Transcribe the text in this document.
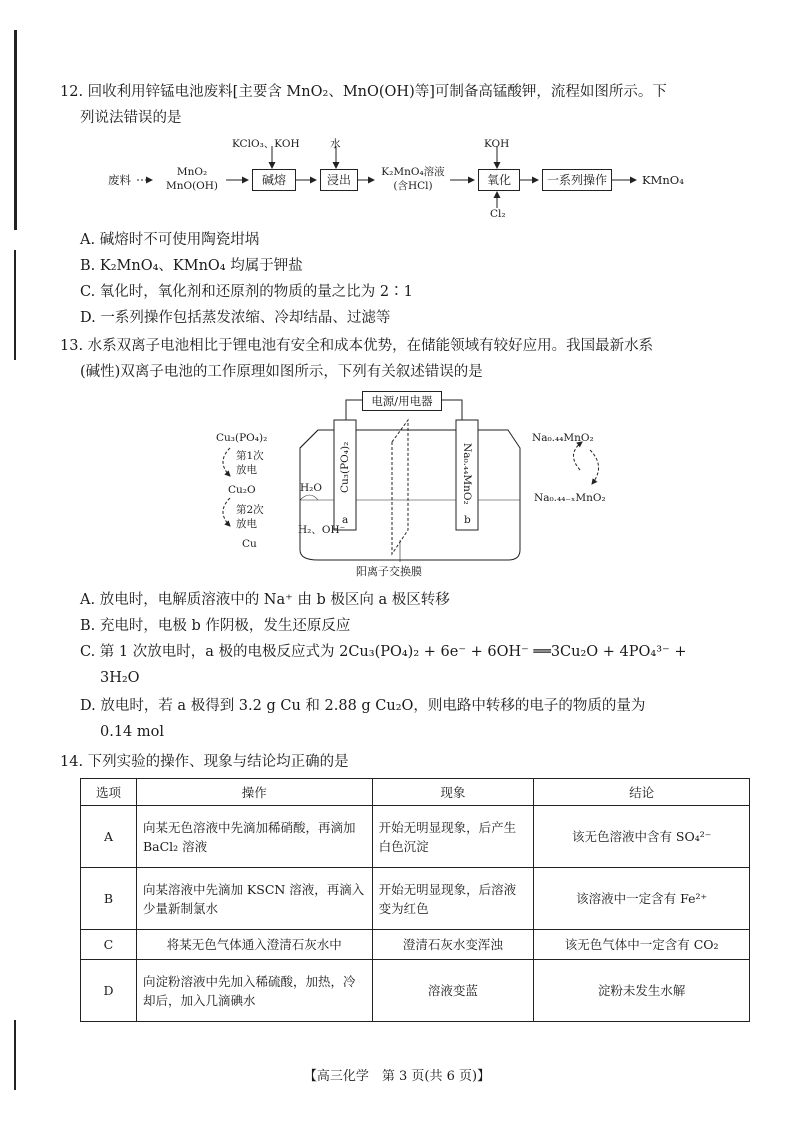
12. 回收利用锌锰电池废料[主要含 MnO₂、MnO(OH)等]可制备高锰酸钾，流程如图所示。下
列说法错误的是
废料
MnO₂
MnO(OH)
KClO₃、KOH
碱熔
水
浸出
K₂MnO₄溶液
(含HCl)
KOH
氧化
Cl₂
一系列操作	KMnO₄
A. 碱熔时不可使用陶瓷坩埚
B. K₂MnO₄、KMnO₄ 均属于钾盐
C. 氧化时，氧化剂和还原剂的物质的量之比为 2∶1
D. 一系列操作包括蒸发浓缩、冷却结晶、过滤等
13. 水系双离子电池相比于锂电池有安全和成本优势，在储能领域有较好应用。我国最新水系
(碱性)双离子电池的工作原理如图所示，下列有关叙述错误的是
电源/用电器
Cu₃(PO₄)₂	Na₀.₄₄MnO₂
a	b
Cu₃(PO₄)₂
第1次
放电
Cu₂O
第2次
放电
Cu
H₂O
H₂、OH⁻
Na₀.₄₄MnO₂
Na₀.₄₄₋ₓMnO₂
阳离子交换膜
A. 放电时，电解质溶液中的 Na⁺ 由 b 极区向 a 极区转移
B. 充电时，电极 b 作阴极，发生还原反应
C. 第 1 次放电时，a 极的电极反应式为 2Cu₃(PO₄)₂ + 6e⁻ + 6OH⁻ ══3Cu₂O + 4PO₄³⁻ +
3H₂O
D. 放电时，若 a 极得到 3.2 g Cu 和 2.88 g Cu₂O，则电路中转移的电子的物质的量为
0.14 mol
14. 下列实验的操作、现象与结论均正确的是
选项	操作	现象	结论
A	向某无色溶液中先滴加稀硝酸，再滴加 BaCl₂ 溶液	开始无明显现象，后产生白色沉淀	该无色溶液中含有 SO₄²⁻
B	向某溶液中先滴加 KSCN 溶液，再滴入少量新制氯水	开始无明显现象，后溶液变为红色	该溶液中一定含有 Fe²⁺
C	将某无色气体通入澄清石灰水中	澄清石灰水变浑浊	该无色气体中一定含有 CO₂
D	向淀粉溶液中先加入稀硫酸，加热，冷却后，加入几滴碘水	溶液变蓝	淀粉未发生水解
【高三化学　第 3 页(共 6 页)】
